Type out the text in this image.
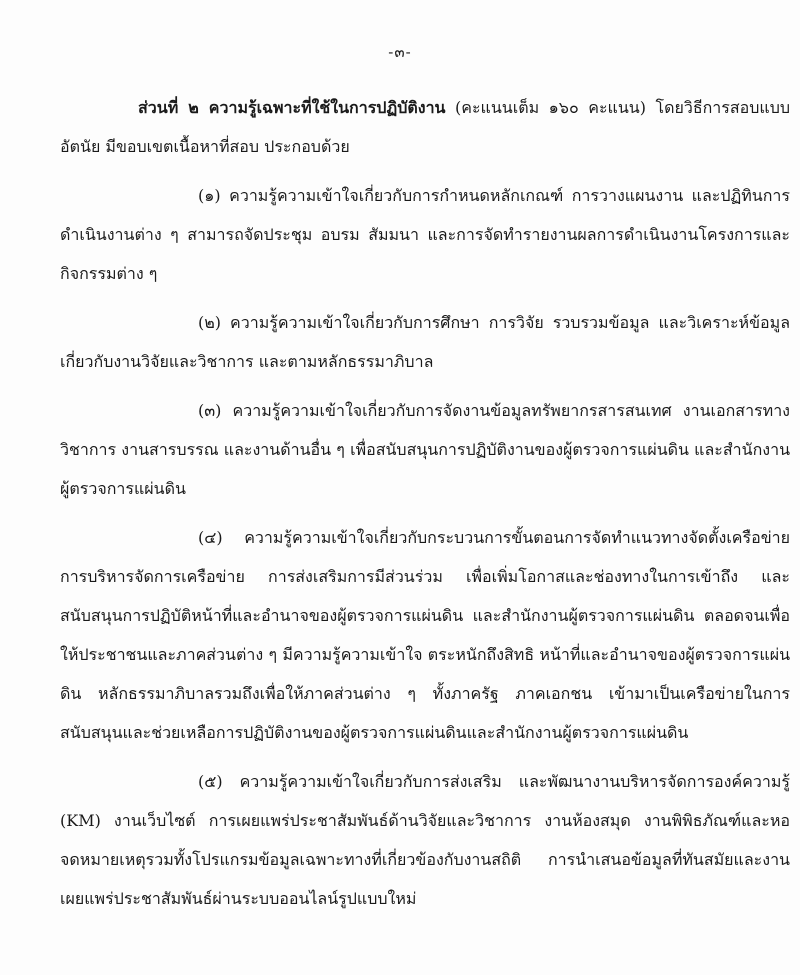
-๓-

ส่วนที่ ๒ ความรู้เฉพาะที่ใช้ในการปฏิบัติงาน (คะแนนเต็ม ๑๖๐ คะแนน) โดยวิธีการสอบแบบอัตนัย มีขอบเขตเนื้อหาที่สอบ ประกอบด้วย

(๑) ความรู้ความเข้าใจเกี่ยวกับการกำหนดหลักเกณฑ์ การวางแผนงาน และปฏิทินการดำเนินงานต่าง ๆ สามารถจัดประชุม อบรม สัมมนา และการจัดทำรายงานผลการดำเนินงานโครงการและกิจกรรมต่าง ๆ

(๒) ความรู้ความเข้าใจเกี่ยวกับการศึกษา การวิจัย รวบรวมข้อมูล และวิเคราะห์ข้อมูลเกี่ยวกับงานวิจัยและวิชาการ และตามหลักธรรมาภิบาล

(๓) ความรู้ความเข้าใจเกี่ยวกับการจัดงานข้อมูลทรัพยากรสารสนเทศ งานเอกสารทางวิชาการ งานสารบรรณ และงานด้านอื่น ๆ เพื่อสนับสนุนการปฏิบัติงานของผู้ตรวจการแผ่นดิน และสำนักงานผู้ตรวจการแผ่นดิน

(๔) ความรู้ความเข้าใจเกี่ยวกับกระบวนการขั้นตอนการจัดทำแนวทางจัดตั้งเครือข่ายการบริหารจัดการเครือข่าย การส่งเสริมการมีส่วนร่วม เพื่อเพิ่มโอกาสและช่องทางในการเข้าถึง และสนับสนุนการปฏิบัติหน้าที่และอำนาจของผู้ตรวจการแผ่นดิน และสำนักงานผู้ตรวจการแผ่นดิน ตลอดจนเพื่อให้ประชาชนและภาคส่วนต่าง ๆ มีความรู้ความเข้าใจ ตระหนักถึงสิทธิ หน้าที่และอำนาจของผู้ตรวจการแผ่นดิน หลักธรรมาภิบาลรวมถึงเพื่อให้ภาคส่วนต่าง ๆ ทั้งภาครัฐ ภาคเอกชน เข้ามาเป็นเครือข่ายในการสนับสนุนและช่วยเหลือการปฏิบัติงานของผู้ตรวจการแผ่นดินและสำนักงานผู้ตรวจการแผ่นดิน

(๕) ความรู้ความเข้าใจเกี่ยวกับการส่งเสริม และพัฒนางานบริหารจัดการองค์ความรู้ (KM) งานเว็บไซต์ การเผยแพร่ประชาสัมพันธ์ด้านวิจัยและวิชาการ งานห้องสมุด งานพิพิธภัณฑ์และหอจดหมายเหตุรวมทั้งโปรแกรมข้อมูลเฉพาะทางที่เกี่ยวข้องกับงานสถิติ การนำเสนอข้อมูลที่ทันสมัยและงานเผยแพร่ประชาสัมพันธ์ผ่านระบบออนไลน์รูปแบบใหม่
